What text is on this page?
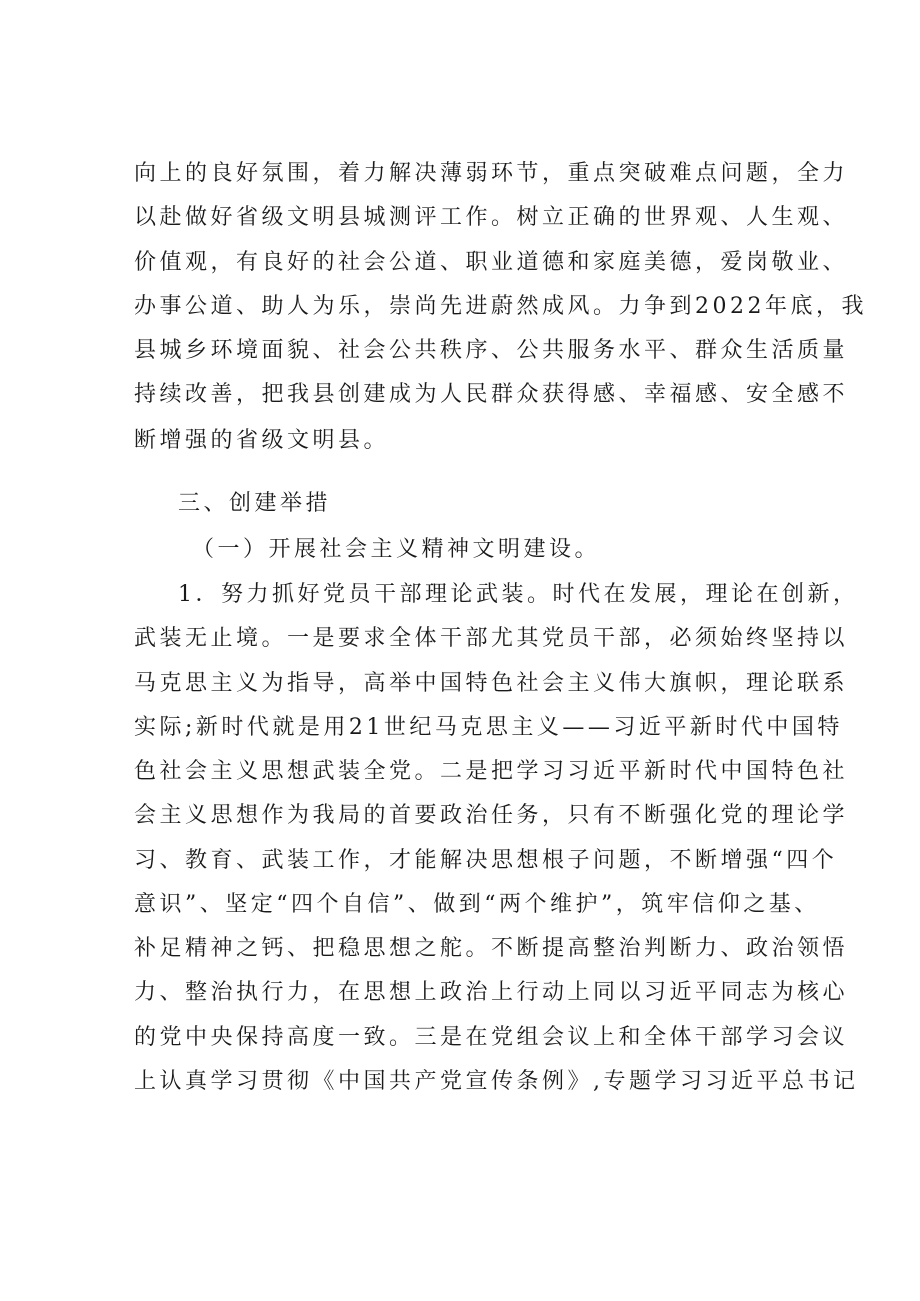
向上的良好氛围，着力解决薄弱环节，重点突破难点问题，全力
以赴做好省级文明县城测评工作。树立正确的世界观、人生观、
价值观，有良好的社会公道、职业道德和家庭美德，爱岗敬业、
办事公道、助人为乐，崇尚先进蔚然成风。力争到2022年底，我
县城乡环境面貌、社会公共秩序、公共服务水平、群众生活质量
持续改善，把我县创建成为人民群众获得感、幸福感、安全感不
断增强的省级文明县。
三、创建举措
（一）开展社会主义精神文明建设。
1．努力抓好党员干部理论武装。时代在发展，理论在创新，
武装无止境。一是要求全体干部尤其党员干部，必须始终坚持以
马克思主义为指导，高举中国特色社会主义伟大旗帜，理论联系
实际;新时代就是用21世纪马克思主义——习近平新时代中国特
色社会主义思想武装全党。二是把学习习近平新时代中国特色社
会主义思想作为我局的首要政治任务，只有不断强化党的理论学
习、教育、武装工作，才能解决思想根子问题，不断增强“四个
意识”、坚定“四个自信”、做到“两个维护”，筑牢信仰之基、
补足精神之钙、把稳思想之舵。不断提高整治判断力、政治领悟
力、整治执行力，在思想上政治上行动上同以习近平同志为核心
的党中央保持高度一致。三是在党组会议上和全体干部学习会议
上认真学习贯彻《中国共产党宣传条例》,专题学习习近平总书记
